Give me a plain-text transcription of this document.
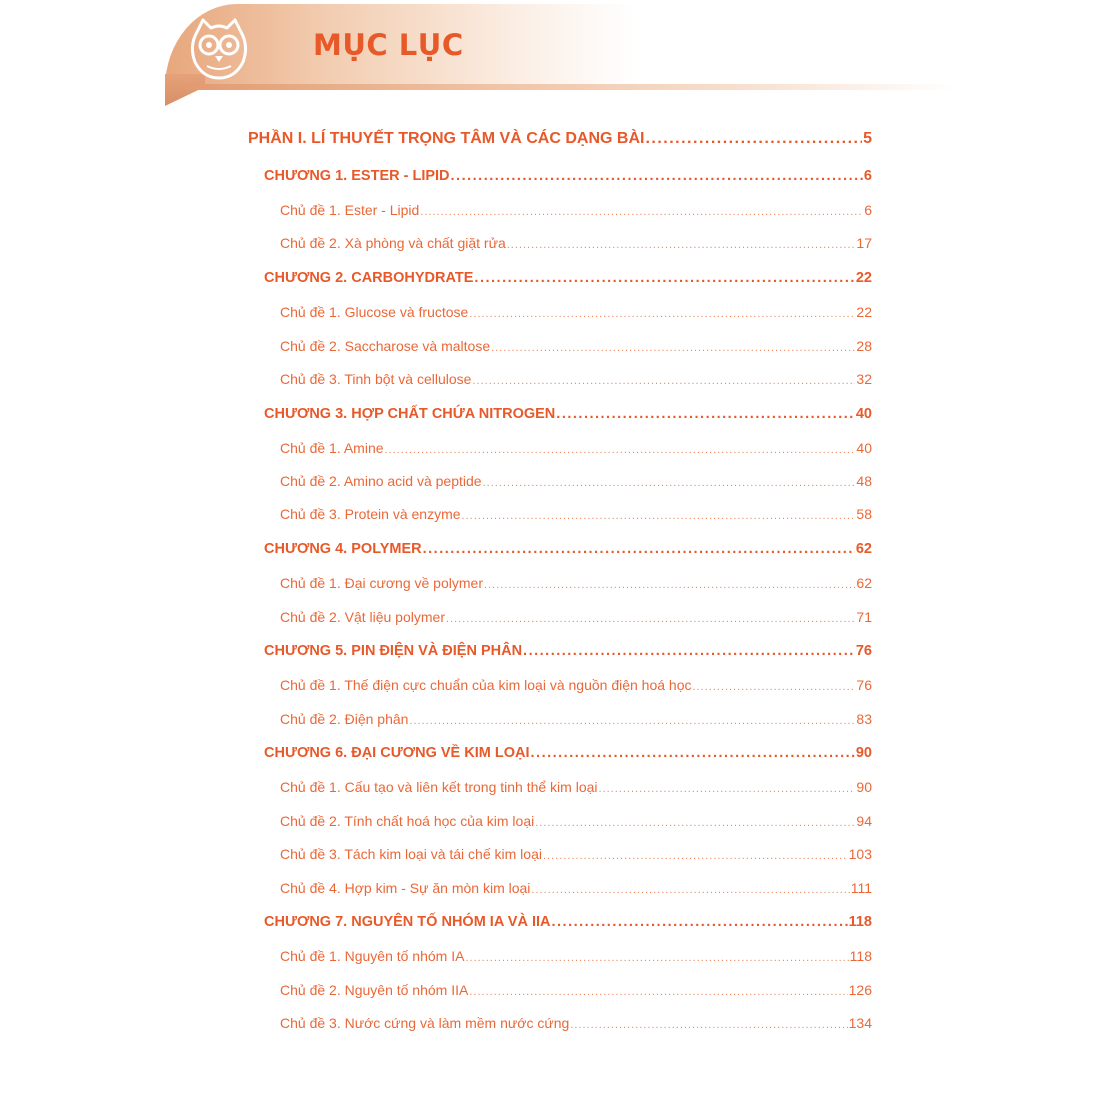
MỤC LỤC
PHẦN I. LÍ THUYẾT TRỌNG TÂM VÀ CÁC DẠNG BÀI .....	5
CHƯƠNG 1. ESTER - LIPID .....	6
Chủ đề 1. Ester - Lipid .....	6
Chủ đề 2. Xà phòng và chất giặt rửa .....	17
CHƯƠNG 2. CARBOHYDRATE .....	22
Chủ đề 1. Glucose và fructose .....	22
Chủ đề 2. Saccharose và maltose .....	28
Chủ đề 3. Tinh bột và cellulose .....	32
CHƯƠNG 3. HỢP CHẤT CHỨA NITROGEN .....	40
Chủ đề 1. Amine .....	40
Chủ đề 2. Amino acid và peptide .....	48
Chủ đề 3. Protein và enzyme .....	58
CHƯƠNG 4. POLYMER .....	62
Chủ đề 1. Đại cương về polymer .....	62
Chủ đề 2. Vật liệu polymer .....	71
CHƯƠNG 5. PIN ĐIỆN VÀ ĐIỆN PHÂN .....	76
Chủ đề 1. Thế điện cực chuẩn của kim loại và nguồn điện hoá học .....	76
Chủ đề 2. Điện phân .....	83
CHƯƠNG 6. ĐẠI CƯƠNG VỀ KIM LOẠI .....	90
Chủ đề 1. Cấu tạo và liên kết trong tinh thể kim loại .....	90
Chủ đề 2. Tính chất hoá học của kim loại .....	94
Chủ đề 3. Tách kim loại và tái chế kim loại .....	103
Chủ đề 4. Hợp kim - Sự ăn mòn kim loại .....	111
CHƯƠNG 7. NGUYÊN TỐ NHÓM IA VÀ IIA .....	118
Chủ đề 1. Nguyên tố nhóm IA .....	118
Chủ đề 2. Nguyên tố nhóm IIA .....	126
Chủ đề 3. Nước cứng và làm mềm nước cứng .....	134
